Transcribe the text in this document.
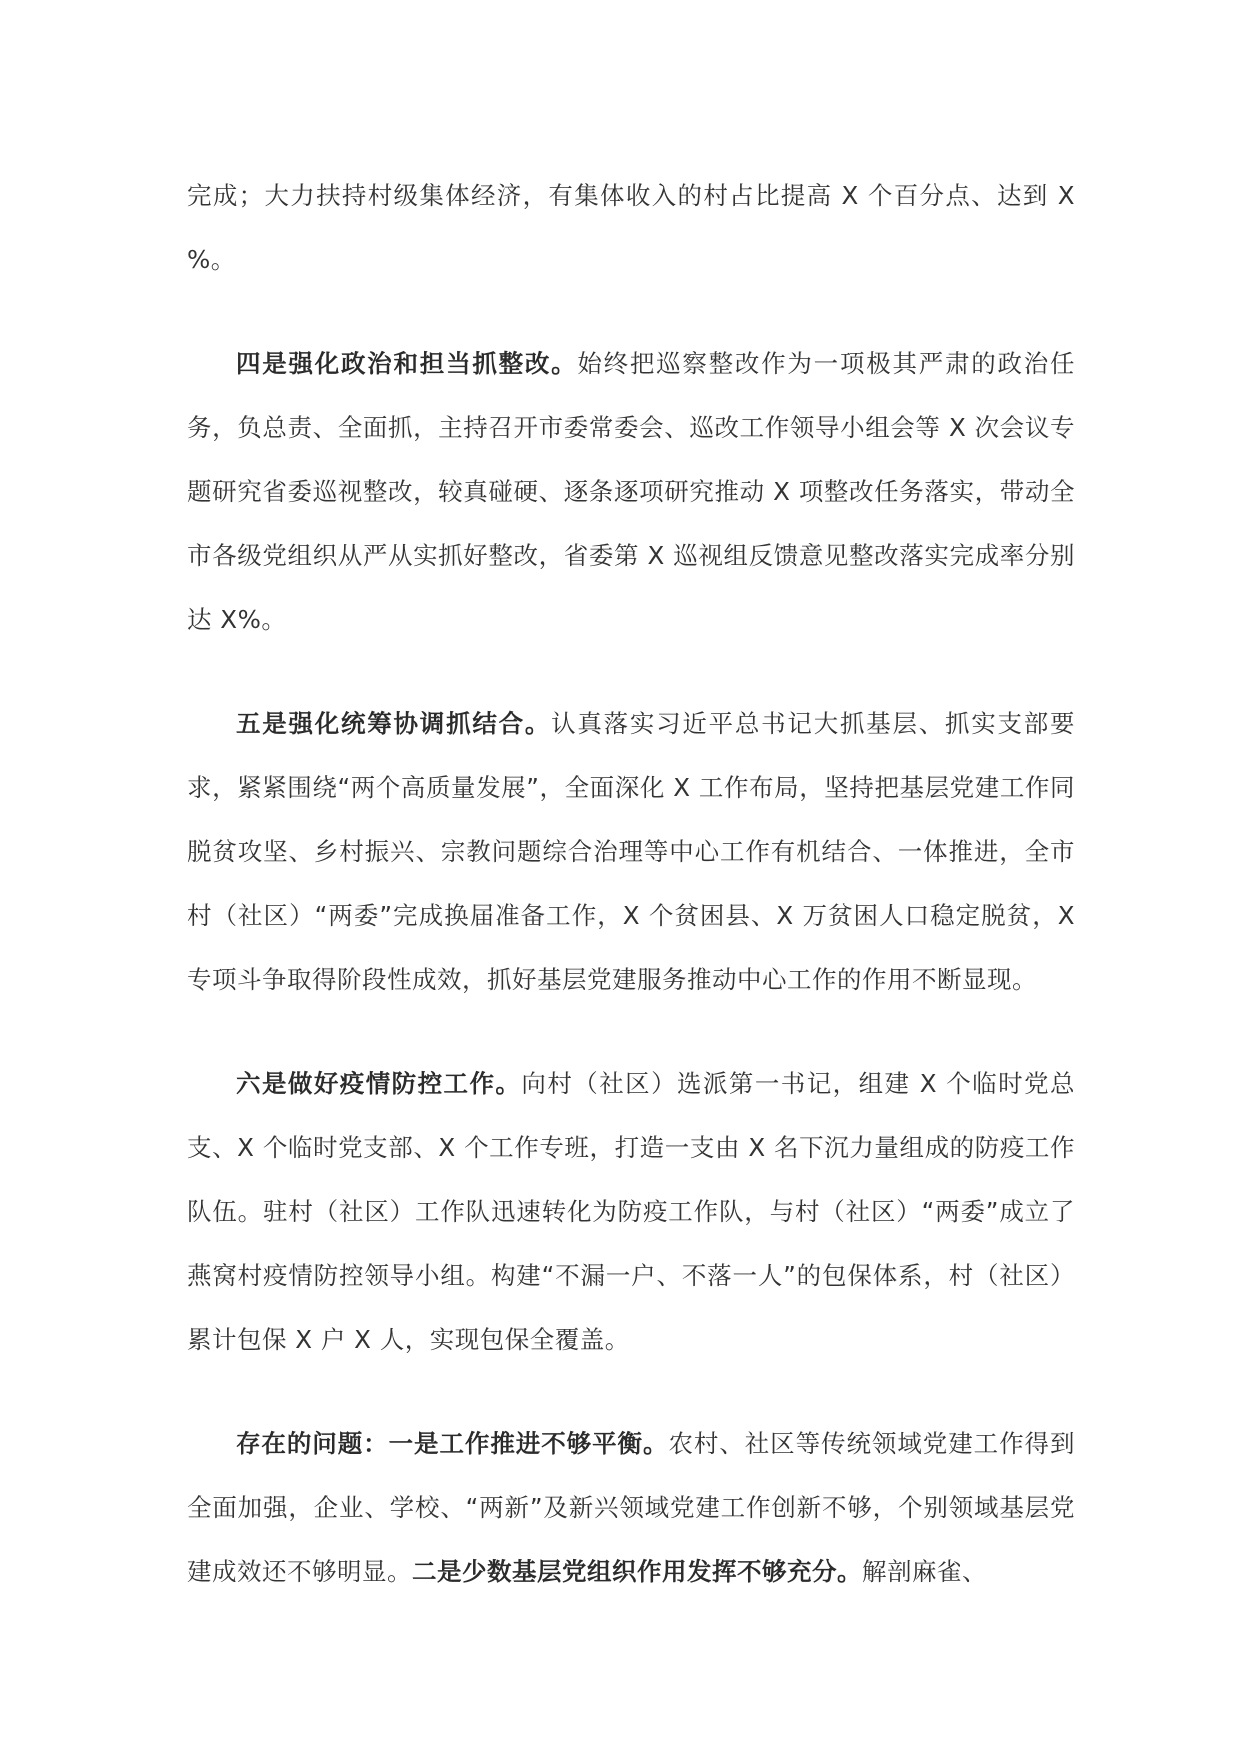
完成；大力扶持村级集体经济，有集体收入的村占比提高 X 个百分点、达到 X %。

四是强化政治和担当抓整改。始终把巡察整改作为一项极其严肃的政治任务，负总责、全面抓，主持召开市委常委会、巡改工作领导小组会等 X 次会议专题研究省委巡视整改，较真碰硬、逐条逐项研究推动 X 项整改任务落实，带动全市各级党组织从严从实抓好整改，省委第 X 巡视组反馈意见整改落实完成率分别达 X%。

五是强化统筹协调抓结合。认真落实习近平总书记大抓基层、抓实支部要求，紧紧围绕“两个高质量发展”，全面深化 X 工作布局，坚持把基层党建工作同脱贫攻坚、乡村振兴、宗教问题综合治理等中心工作有机结合、一体推进，全市村（社区）“两委”完成换届准备工作，X 个贫困县、X 万贫困人口稳定脱贫，X 专项斗争取得阶段性成效，抓好基层党建服务推动中心工作的作用不断显现。

六是做好疫情防控工作。向村（社区）选派第一书记，组建 X 个临时党总支、X 个临时党支部、X 个工作专班，打造一支由 X 名下沉力量组成的防疫工作队伍。驻村（社区）工作队迅速转化为防疫工作队，与村（社区）“两委”成立了燕窝村疫情防控领导小组。构建“不漏一户、不落一人”的包保体系，村（社区）累计包保 X 户 X 人，实现包保全覆盖。

存在的问题：一是工作推进不够平衡。农村、社区等传统领域党建工作得到全面加强，企业、学校、“两新”及新兴领域党建工作创新不够，个别领域基层党建成效还不够明显。二是少数基层党组织作用发挥不够充分。解剖麻雀、
